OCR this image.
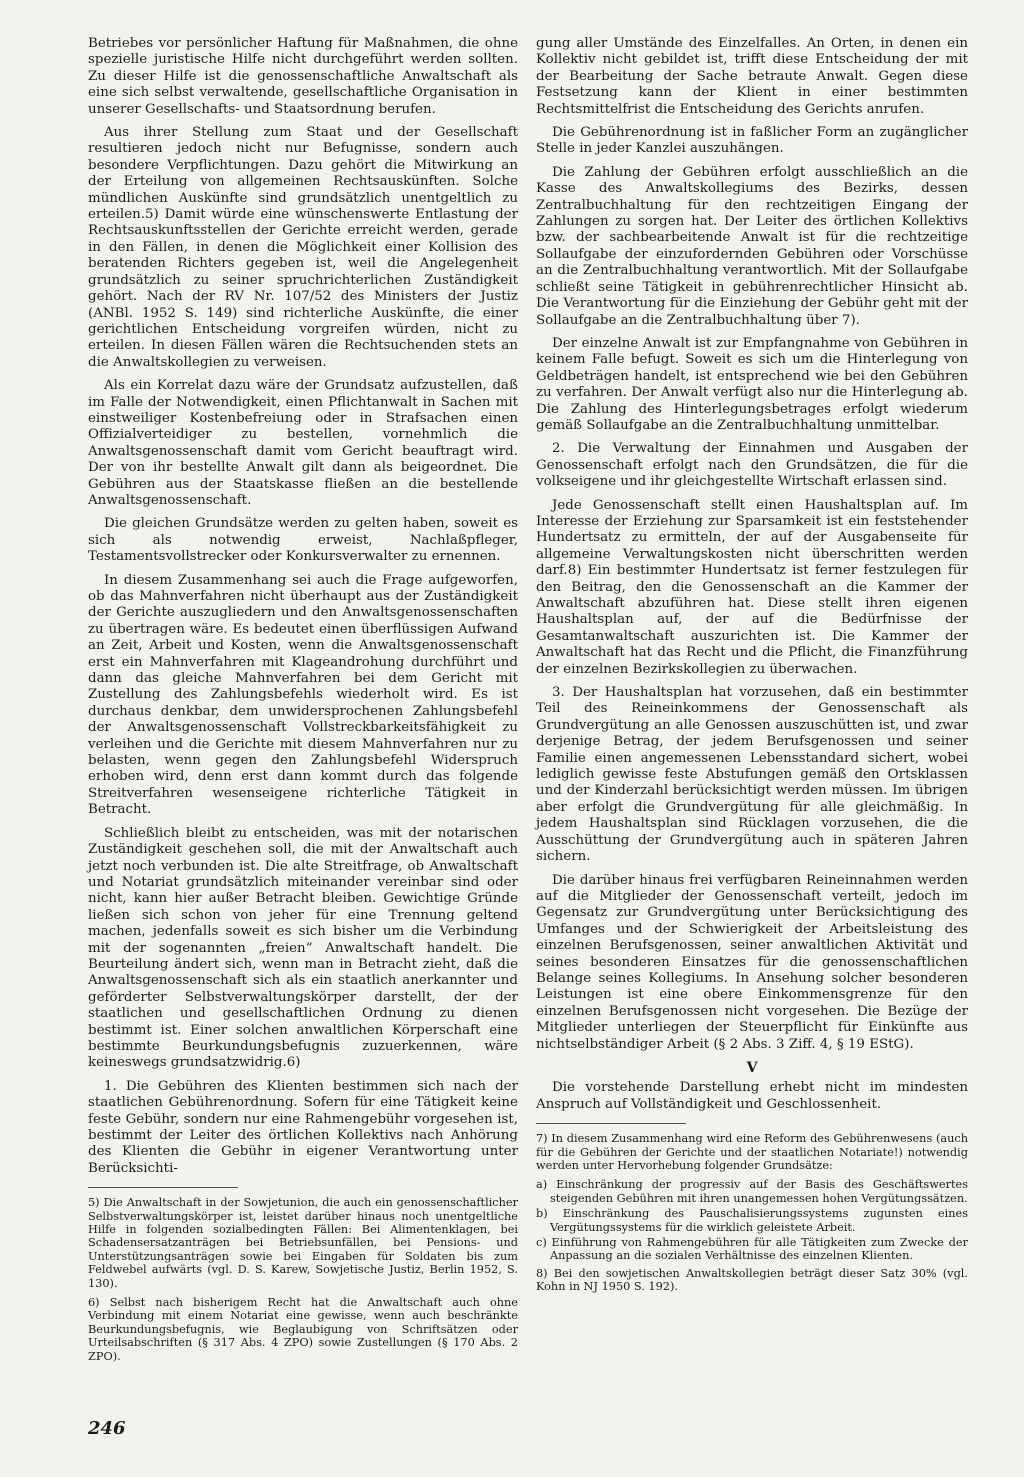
Betriebes vor persönlicher Haftung für Maßnahmen, die ohne spezielle juristische Hilfe nicht durchgeführt werden sollten. Zu dieser Hilfe ist die genossenschaftliche Anwaltschaft als eine sich selbst verwaltende, gesellschaftliche Organisation in unserer Gesellschafts- und Staatsordnung berufen.

Aus ihrer Stellung zum Staat und der Gesellschaft resultieren jedoch nicht nur Befugnisse, sondern auch besondere Verpflichtungen. Dazu gehört die Mitwirkung an der Erteilung von allgemeinen Rechtsauskünften. Solche mündlichen Auskünfte sind grundsätzlich unentgeltlich zu erteilen.5) Damit würde eine wünschenswerte Entlastung der Rechtsauskunftsstellen der Gerichte erreicht werden, gerade in den Fällen, in denen die Möglichkeit einer Kollision des beratenden Richters gegeben ist, weil die Angelegenheit grundsätzlich zu seiner spruchrichterlichen Zuständigkeit gehört. Nach der RV Nr. 107/52 des Ministers der Justiz (ANBl. 1952 S. 149) sind richterliche Auskünfte, die einer gerichtlichen Entscheidung vorgreifen würden, nicht zu erteilen. In diesen Fällen wären die Rechtsuchenden stets an die Anwaltskollegien zu verweisen.

Als ein Korrelat dazu wäre der Grundsatz aufzustellen, daß im Falle der Notwendigkeit, einen Pflichtanwalt in Sachen mit einstweiliger Kostenbefreiung oder in Strafsachen einen Offizialverteidiger zu bestellen, vornehmlich die Anwaltsgenossenschaft damit vom Gericht beauftragt wird. Der von ihr bestellte Anwalt gilt dann als beigeordnet. Die Gebühren aus der Staatskasse fließen an die bestellende Anwaltsgenossenschaft.

Die gleichen Grundsätze werden zu gelten haben, soweit es sich als notwendig erweist, Nachlaßpfleger, Testamentsvollstrecker oder Konkursverwalter zu ernennen.

In diesem Zusammenhang sei auch die Frage aufgeworfen, ob das Mahnverfahren nicht überhaupt aus der Zuständigkeit der Gerichte auszugliedern und den Anwaltsgenossenschaften zu übertragen wäre. Es bedeutet einen überflüssigen Aufwand an Zeit, Arbeit und Kosten, wenn die Anwaltsgenossenschaft erst ein Mahnverfahren mit Klageandrohung durchführt und dann das gleiche Mahnverfahren bei dem Gericht mit Zustellung des Zahlungsbefehls wiederholt wird. Es ist durchaus denkbar, dem unwidersprochenen Zahlungsbefehl der Anwaltsgenossenschaft Vollstreckbarkeitsfähigkeit zu verleihen und die Gerichte mit diesem Mahnverfahren nur zu belasten, wenn gegen den Zahlungsbefehl Widerspruch erhoben wird, denn erst dann kommt durch das folgende Streitverfahren wesenseigene richterliche Tätigkeit in Betracht.

Schließlich bleibt zu entscheiden, was mit der notarischen Zuständigkeit geschehen soll, die mit der Anwaltschaft auch jetzt noch verbunden ist. Die alte Streitfrage, ob Anwaltschaft und Notariat grundsätzlich miteinander vereinbar sind oder nicht, kann hier außer Betracht bleiben. Gewichtige Gründe ließen sich schon von jeher für eine Trennung geltend machen, jedenfalls soweit es sich bisher um die Verbindung mit der sogenannten „freien“ Anwaltschaft handelt. Die Beurteilung ändert sich, wenn man in Betracht zieht, daß die Anwaltsgenossenschaft sich als ein staatlich anerkannter und geförderter Selbstverwaltungskörper darstellt, der der staatlichen und gesellschaftlichen Ordnung zu dienen bestimmt ist. Einer solchen anwaltlichen Körperschaft eine bestimmte Beurkundungsbefugnis zuzuerkennen, wäre keineswegs grundsatzwidrig.6)

1. Die Gebühren des Klienten bestimmen sich nach der staatlichen Gebührenordnung. Sofern für eine Tätigkeit keine feste Gebühr, sondern nur eine Rahmengebühr vorgesehen ist, bestimmt der Leiter des örtlichen Kollektivs nach Anhörung des Klienten die Gebühr in eigener Verantwortung unter Berücksichti-

5) Die Anwaltschaft in der Sowjetunion, die auch ein genossenschaftlicher Selbstverwaltungskörper ist, leistet darüber hinaus noch unentgeltliche Hilfe in folgenden sozialbedingten Fällen: Bei Alimentenklagen, bei Schadensersatzanträgen bei Betriebsunfällen, bei Pensions- und Unterstützungsanträgen sowie bei Eingaben für Soldaten bis zum Feldwebel aufwärts (vgl. D. S. Karew, Sowjetische Justiz, Berlin 1952, S. 130).

6) Selbst nach bisherigem Recht hat die Anwaltschaft auch ohne Verbindung mit einem Notariat eine gewisse, wenn auch beschränkte Beurkundungsbefugnis, wie Beglaubigung von Schriftsätzen oder Urteilsabschriften (§ 317 Abs. 4 ZPO) sowie Zustellungen (§ 170 Abs. 2 ZPO).

gung aller Umstände des Einzelfalles. An Orten, in denen ein Kollektiv nicht gebildet ist, trifft diese Entscheidung der mit der Bearbeitung der Sache betraute Anwalt. Gegen diese Festsetzung kann der Klient in einer bestimmten Rechtsmittelfrist die Entscheidung des Gerichts anrufen.

Die Gebührenordnung ist in faßlicher Form an zugänglicher Stelle in jeder Kanzlei auszuhängen.

Die Zahlung der Gebühren erfolgt ausschließlich an die Kasse des Anwaltskollegiums des Bezirks, dessen Zentralbuchhaltung für den rechtzeitigen Eingang der Zahlungen zu sorgen hat. Der Leiter des örtlichen Kollektivs bzw. der sachbearbeitende Anwalt ist für die rechtzeitige Sollaufgabe der einzufordernden Gebühren oder Vorschüsse an die Zentralbuchhaltung verantwortlich. Mit der Sollaufgabe schließt seine Tätigkeit in gebührenrechtlicher Hinsicht ab. Die Verantwortung für die Einziehung der Gebühr geht mit der Sollaufgabe an die Zentralbuchhaltung über 7).

Der einzelne Anwalt ist zur Empfangnahme von Gebühren in keinem Falle befugt. Soweit es sich um die Hinterlegung von Geldbeträgen handelt, ist entsprechend wie bei den Gebühren zu verfahren. Der Anwalt verfügt also nur die Hinterlegung ab. Die Zahlung des Hinterlegungsbetrages erfolgt wiederum gemäß Sollaufgabe an die Zentralbuchhaltung unmittelbar.

2. Die Verwaltung der Einnahmen und Ausgaben der Genossenschaft erfolgt nach den Grundsätzen, die für die volkseigene und ihr gleichgestellte Wirtschaft erlassen sind.

Jede Genossenschaft stellt einen Haushaltsplan auf. Im Interesse der Erziehung zur Sparsamkeit ist ein feststehender Hundertsatz zu ermitteln, der auf der Ausgabenseite für allgemeine Verwaltungskosten nicht überschritten werden darf.8) Ein bestimmter Hundertsatz ist ferner festzulegen für den Beitrag, den die Genossenschaft an die Kammer der Anwaltschaft abzuführen hat. Diese stellt ihren eigenen Haushaltsplan auf, der auf die Bedürfnisse der Gesamtanwaltschaft auszurichten ist. Die Kammer der Anwaltschaft hat das Recht und die Pflicht, die Finanzführung der einzelnen Bezirkskollegien zu überwachen.

3. Der Haushaltsplan hat vorzusehen, daß ein bestimmter Teil des Reineinkommens der Genossenschaft als Grundvergütung an alle Genossen auszuschütten ist, und zwar derjenige Betrag, der jedem Berufsgenossen und seiner Familie einen angemessenen Lebensstandard sichert, wobei lediglich gewisse feste Abstufungen gemäß den Ortsklassen und der Kinderzahl berücksichtigt werden müssen. Im übrigen aber erfolgt die Grundvergütung für alle gleichmäßig. In jedem Haushaltsplan sind Rücklagen vorzusehen, die die Ausschüttung der Grundvergütung auch in späteren Jahren sichern.

Die darüber hinaus frei verfügbaren Reineinnahmen werden auf die Mitglieder der Genossenschaft verteilt, jedoch im Gegensatz zur Grundvergütung unter Berücksichtigung des Umfanges und der Schwierigkeit der Arbeitsleistung des einzelnen Berufsgenossen, seiner anwaltlichen Aktivität und seines besonderen Einsatzes für die genossenschaftlichen Belange seines Kollegiums. In Ansehung solcher besonderen Leistungen ist eine obere Einkommensgrenze für den einzelnen Berufsgenossen nicht vorgesehen. Die Bezüge der Mitglieder unterliegen der Steuerpflicht für Einkünfte aus nichtselbständiger Arbeit (§ 2 Abs. 3 Ziff. 4, § 19 EStG).

V

Die vorstehende Darstellung erhebt nicht im mindesten Anspruch auf Vollständigkeit und Geschlossenheit.

7) In diesem Zusammenhang wird eine Reform des Gebührenwesens (auch für die Gebühren der Gerichte und der staatlichen Notariate!) notwendig werden unter Hervorhebung folgender Grundsätze:

a) Einschränkung der progressiv auf der Basis des Geschäftswertes steigenden Gebühren mit ihren unangemessen hohen Vergütungssätzen.
b) Einschränkung des Pauschalisierungssystems zugunsten eines Vergütungssystems für die wirklich geleistete Arbeit.
c) Einführung von Rahmengebühren für alle Tätigkeiten zum Zwecke der Anpassung an die sozialen Verhältnisse des einzelnen Klienten.

8) Bei den sowjetischen Anwaltskollegien beträgt dieser Satz 30% (vgl. Kohn in NJ 1950 S. 192).

246
